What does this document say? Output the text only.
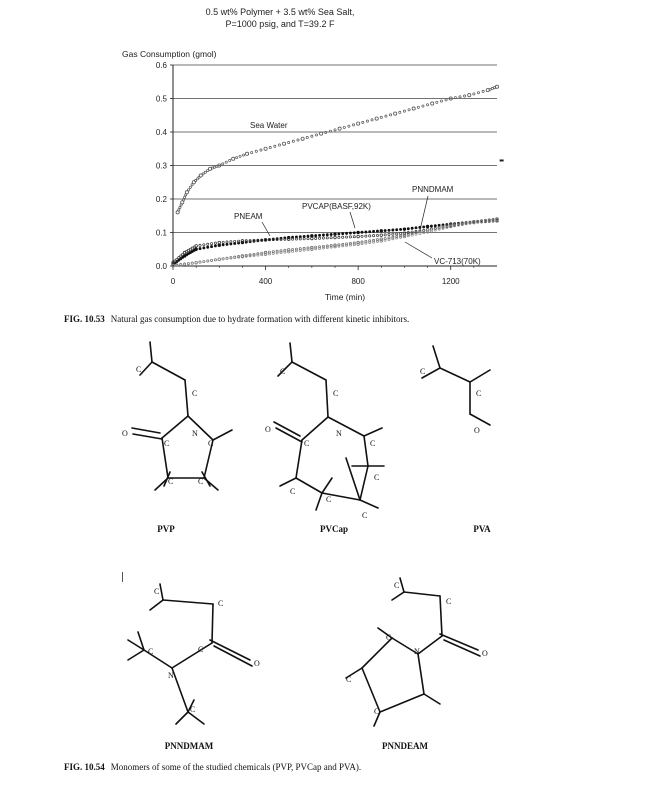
0.5 wt% Polymer + 3.5 wt% Sea Salt,
P=1000 psig, and T=39.2 F
Gas Consumption (gmol)
0.0
0.1
0.2
0.3
0.4
0.5
0.6
0	400	800	1200
Time (min)
Sea Water
PVCAP(BASF,92K)
PNEAM
PNNDMAM
VC-713(70K)
FIG. 10.53 Natural gas consumption due to hydrate formation with different kinetic inhibitors.
C
C
N
C	C
O
C	C
C
C
N
C	C
O
C
C
C
C
C
C
O
C
C
C
C
N
O
C
C
C
C
N	O
C
C
PVP	PVCap	PVA
PNNDMAM	PNNDEAM
FIG. 10.54 Monomers of some of the studied chemicals (PVP, PVCap and PVA).
